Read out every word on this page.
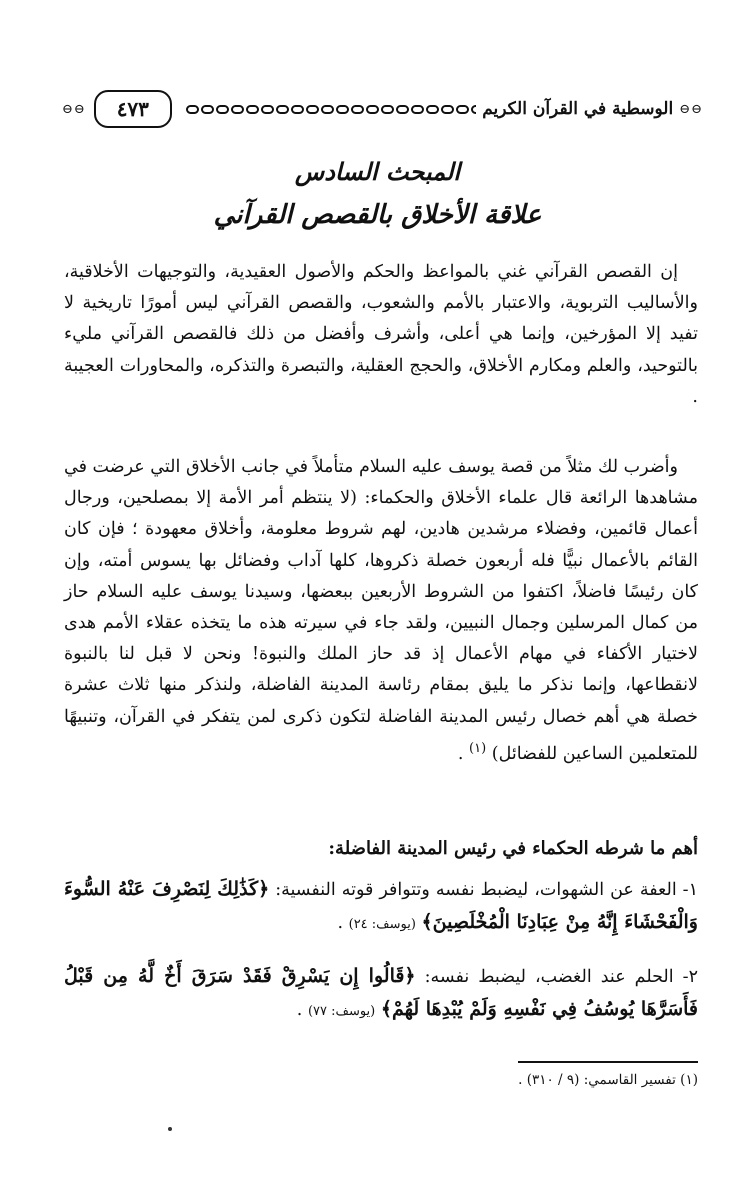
⊖⊖ ٤٧٣	الوسطية في القرآن الكريم ⊖⊖
المبحث السادس
علاقة الأخلاق بالقصص القرآني
إن القصص القرآني غني بالمواعظ والحكم والأصول العقيدية، والتوجيهات الأخلاقية، والأساليب التربوية، والاعتبار بالأمم والشعوب، والقصص القرآني ليس أمورًا تاريخية لا تفيد إلا المؤرخين، وإنما هي أعلى، وأشرف وأفضل من ذلك فالقصص القرآني مليء بالتوحيد، والعلم ومكارم الأخلاق، والحجج العقلية، والتبصرة والتذكره، والمحاورات العجيبة .
وأضرب لك مثلاً من قصة يوسف عليه السلام متأملاً في جانب الأخلاق التي عرضت في مشاهدها الرائعة قال علماء الأخلاق والحكماء: (لا ينتظم أمر الأمة إلا بمصلحين، ورجال أعمال قائمين، وفضلاء مرشدين هادين، لهم شروط معلومة، وأخلاق معهودة ؛ فإن كان القائم بالأعمال نبيًّا فله أربعون خصلة ذكروها، كلها آداب وفضائل بها يسوس أمته، وإن كان رئيسًا فاضلاً، اكتفوا من الشروط الأربعين ببعضها، وسيدنا يوسف عليه السلام حاز من كمال المرسلين وجمال النبيين، ولقد جاء في سيرته هذه ما يتخذه عقلاء الأمم هدى لاختيار الأكفاء في مهام الأعمال إذ قد حاز الملك والنبوة! ونحن لا قبل لنا بالنبوة لانقطاعها، وإنما نذكر ما يليق بمقام رئاسة المدينة الفاضلة، ولنذكر منها ثلاث عشرة خصلة هي أهم خصال رئيس المدينة الفاضلة لتكون ذكرى لمن يتفكر في القرآن، وتنبيهًا للمتعلمين الساعين للفضائل) $^{(١)}$ .
أهم ما شرطه الحكماء في رئيس المدينة الفاضلة:
١- العفة عن الشهوات، ليضبط نفسه وتتوافر قوته النفسية: ﴿كَذَٰلِكَ لِنَصْرِفَ عَنْهُ السُّوءَ وَالْفَحْشَاءَ إِنَّهُ مِنْ عِبَادِنَا الْمُخْلَصِينَ﴾ (يوسف: ٢٤) .
٢- الحلم عند الغضب، ليضبط نفسه: ﴿قَالُوا إِن يَسْرِقْ فَقَدْ سَرَقَ أَخٌ لَّهُ مِن قَبْلُ فَأَسَرَّهَا يُوسُفُ فِي نَفْسِهِ وَلَمْ يُبْدِهَا لَهُمْ﴾ (يوسف: ٧٧) .
(١) تفسير القاسمي: (٩ / ٣١٠) .
